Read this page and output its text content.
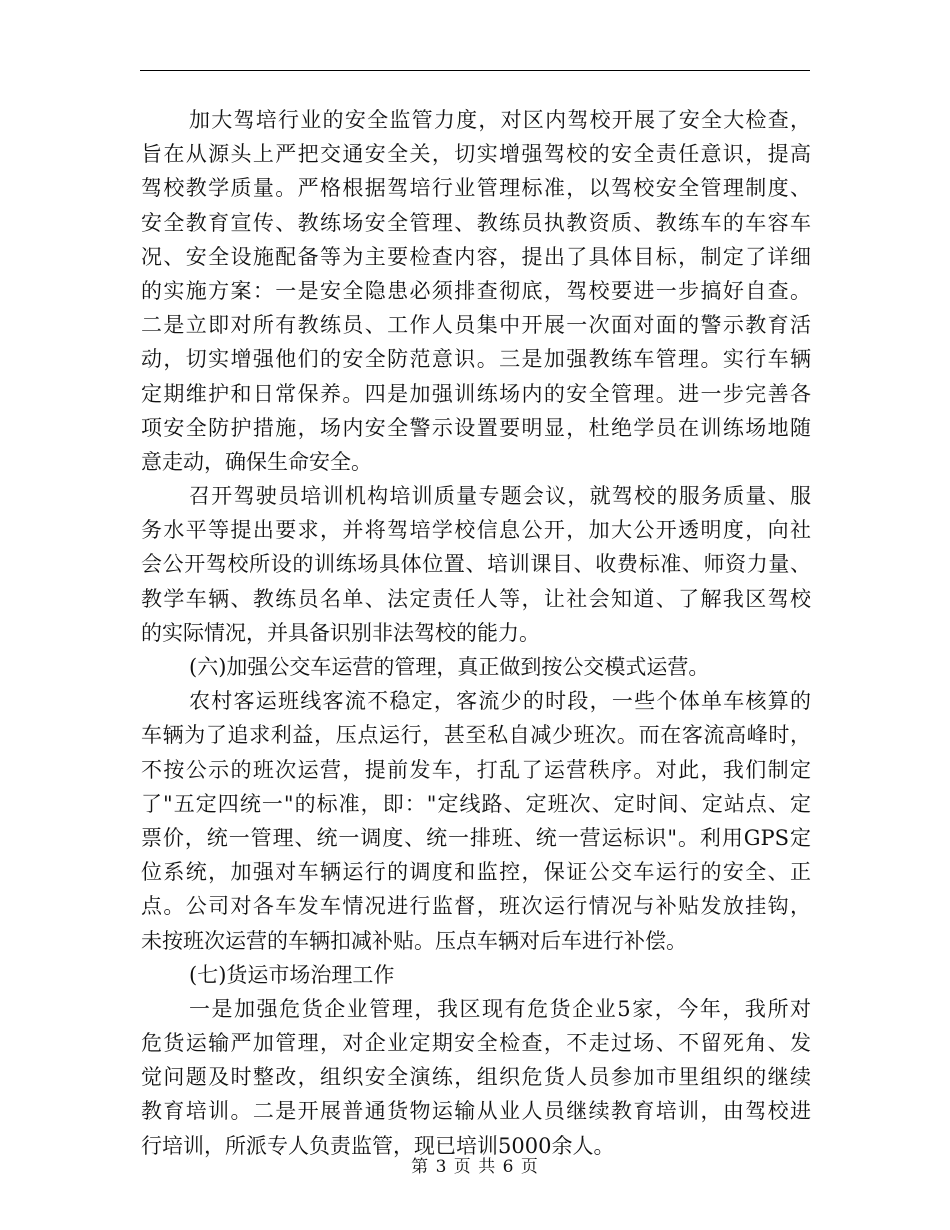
加大驾培行业的安全监管力度，对区内驾校开展了安全大检查，
旨在从源头上严把交通安全关，切实增强驾校的安全责任意识，提高
驾校教学质量。严格根据驾培行业管理标准，以驾校安全管理制度、
安全教育宣传、教练场安全管理、教练员执教资质、教练车的车容车
况、安全设施配备等为主要检查内容，提出了具体目标，制定了详细
的实施方案：一是安全隐患必须排查彻底，驾校要进一步搞好自查。
二是立即对所有教练员、工作人员集中开展一次面对面的警示教育活
动，切实增强他们的安全防范意识。三是加强教练车管理。实行车辆
定期维护和日常保养。四是加强训练场内的安全管理。进一步完善各
项安全防护措施，场内安全警示设置要明显，杜绝学员在训练场地随
意走动，确保生命安全。
召开驾驶员培训机构培训质量专题会议，就驾校的服务质量、服
务水平等提出要求，并将驾培学校信息公开，加大公开透明度，向社
会公开驾校所设的训练场具体位置、培训课目、收费标准、师资力量、
教学车辆、教练员名单、法定责任人等，让社会知道、了解我区驾校
的实际情况，并具备识别非法驾校的能力。
(六)加强公交车运营的管理，真正做到按公交模式运营。
农村客运班线客流不稳定，客流少的时段，一些个体单车核算的
车辆为了追求利益，压点运行，甚至私自减少班次。而在客流高峰时，
不按公示的班次运营，提前发车，打乱了运营秩序。对此，我们制定
了"五定四统一"的标准，即："定线路、定班次、定时间、定站点、定
票价，统一管理、统一调度、统一排班、统一营运标识"。利用GPS定
位系统，加强对车辆运行的调度和监控，保证公交车运行的安全、正
点。公司对各车发车情况进行监督，班次运行情况与补贴发放挂钩，
未按班次运营的车辆扣减补贴。压点车辆对后车进行补偿。
(七)货运市场治理工作
一是加强危货企业管理，我区现有危货企业5家，今年，我所对
危货运输严加管理，对企业定期安全检查，不走过场、不留死角、发
觉问题及时整改，组织安全演练，组织危货人员参加市里组织的继续
教育培训。二是开展普通货物运输从业人员继续教育培训，由驾校进
行培训，所派专人负责监管，现已培训5000余人。
第 3 页 共 6 页
